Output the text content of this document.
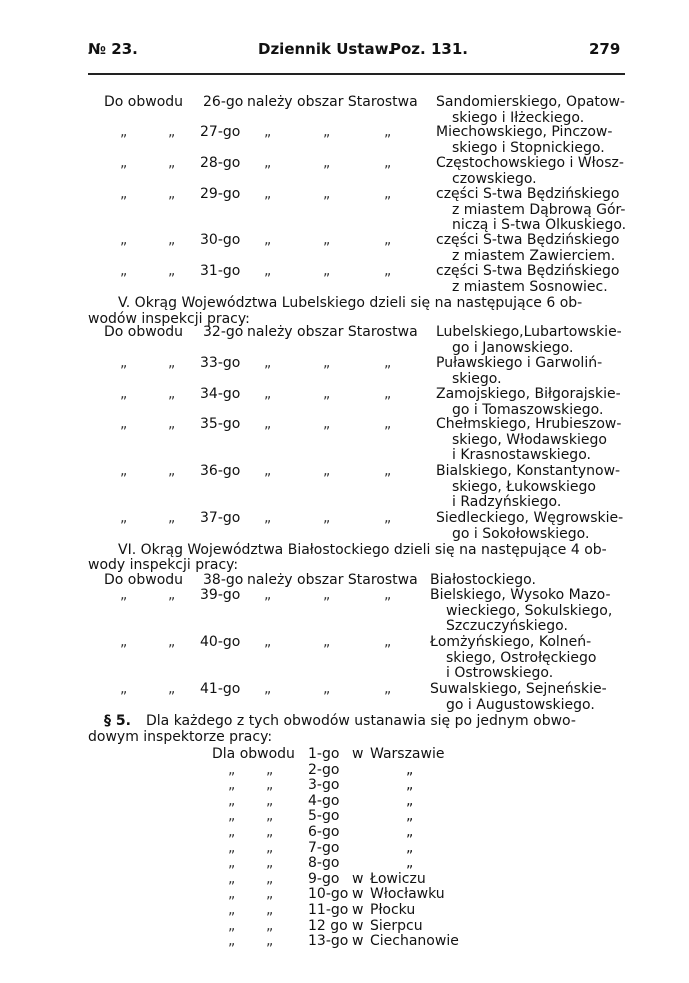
№ 23.	Dziennik Ustaw.
Poz. 131.	279
Do obwodu 26-go należy obszar Starostwa Sandomierskiego, Opatow-
skiego i Iłżeckiego.
„	„ 27-go „	„	„	Miechowskiego, Pinczow-
skiego i Stopnickiego.
„	„ 28-go „	„	„	Częstochowskiego i Włosz-
czowskiego.
„	„ 29-go „	„	„	części S-twa Będzińskiego
z miastem Dąbrową Gór-
niczą i S-twa Olkuskiego.
„	„ 30-go „	„	„	części S-twa Będzińskiego
z miastem Zawierciem.
„	„ 31-go „	„	„	części S-twa Będzińskiego
z miastem Sosnowiec.
V. Okrąg Województwa Lubelskiego dzieli się na następujące 6 ob-
wodów inspekcji pracy:
Do obwodu 32-go należy obszar Starostwa Lubelskiego,Lubartowskie-
go i Janowskiego.
„	„ 33-go „	„	„	Puławskiego i Garwoliń-
skiego.
„	„ 34-go „	„	„	Zamojskiego, Biłgorajskie-
go i Tomaszowskiego.
„	„ 35-go „	„	„	Chełmskiego, Hrubieszow-
skiego, Włodawskiego
i Krasnostawskiego.
„	„ 36-go „	„	„	Bialskiego, Konstantynow-
skiego, Łukowskiego
i Radzyńskiego.
„	„ 37-go „	„	„	Siedleckiego, Węgrowskie-
go i Sokołowskiego.
VI. Okrąg Województwa Białostockiego dzieli się na następujące 4 ob-
wody inspekcji pracy:
Do obwodu 38-go należy obszar Starostwa Białostockiego.
„	„ 39-go „	„	„	Bielskiego, Wysoko Mazo-
wieckiego, Sokulskiego,
Szczuczyńskiego.
„	„ 40-go „	„	„	Łomżyńskiego, Kolneń-
skiego, Ostrołęckiego
i Ostrowskiego.
„	„ 41-go „	„	„	Suwalskiego, Sejneńskie-
go i Augustowskiego.
§ 5. Dla każdego z tych obwodów ustanawia się po jednym obwo-
dowym inspektorze pracy:
Dla obwodu 1-go w Warszawie
„ „ 2-go	„
„ „ 3-go	„
„ „ 4-go	„
„ „ 5-go	„
„ „ 6-go	„
„ „ 7-go	„
„ „ 8-go	„
„ „ 9-go w Łowiczu
„ „ 10-go w Włocławku
„ „ 11-go w Płocku
„ „ 12 go w Sierpcu
„ „ 13-go w Ciechanowie
